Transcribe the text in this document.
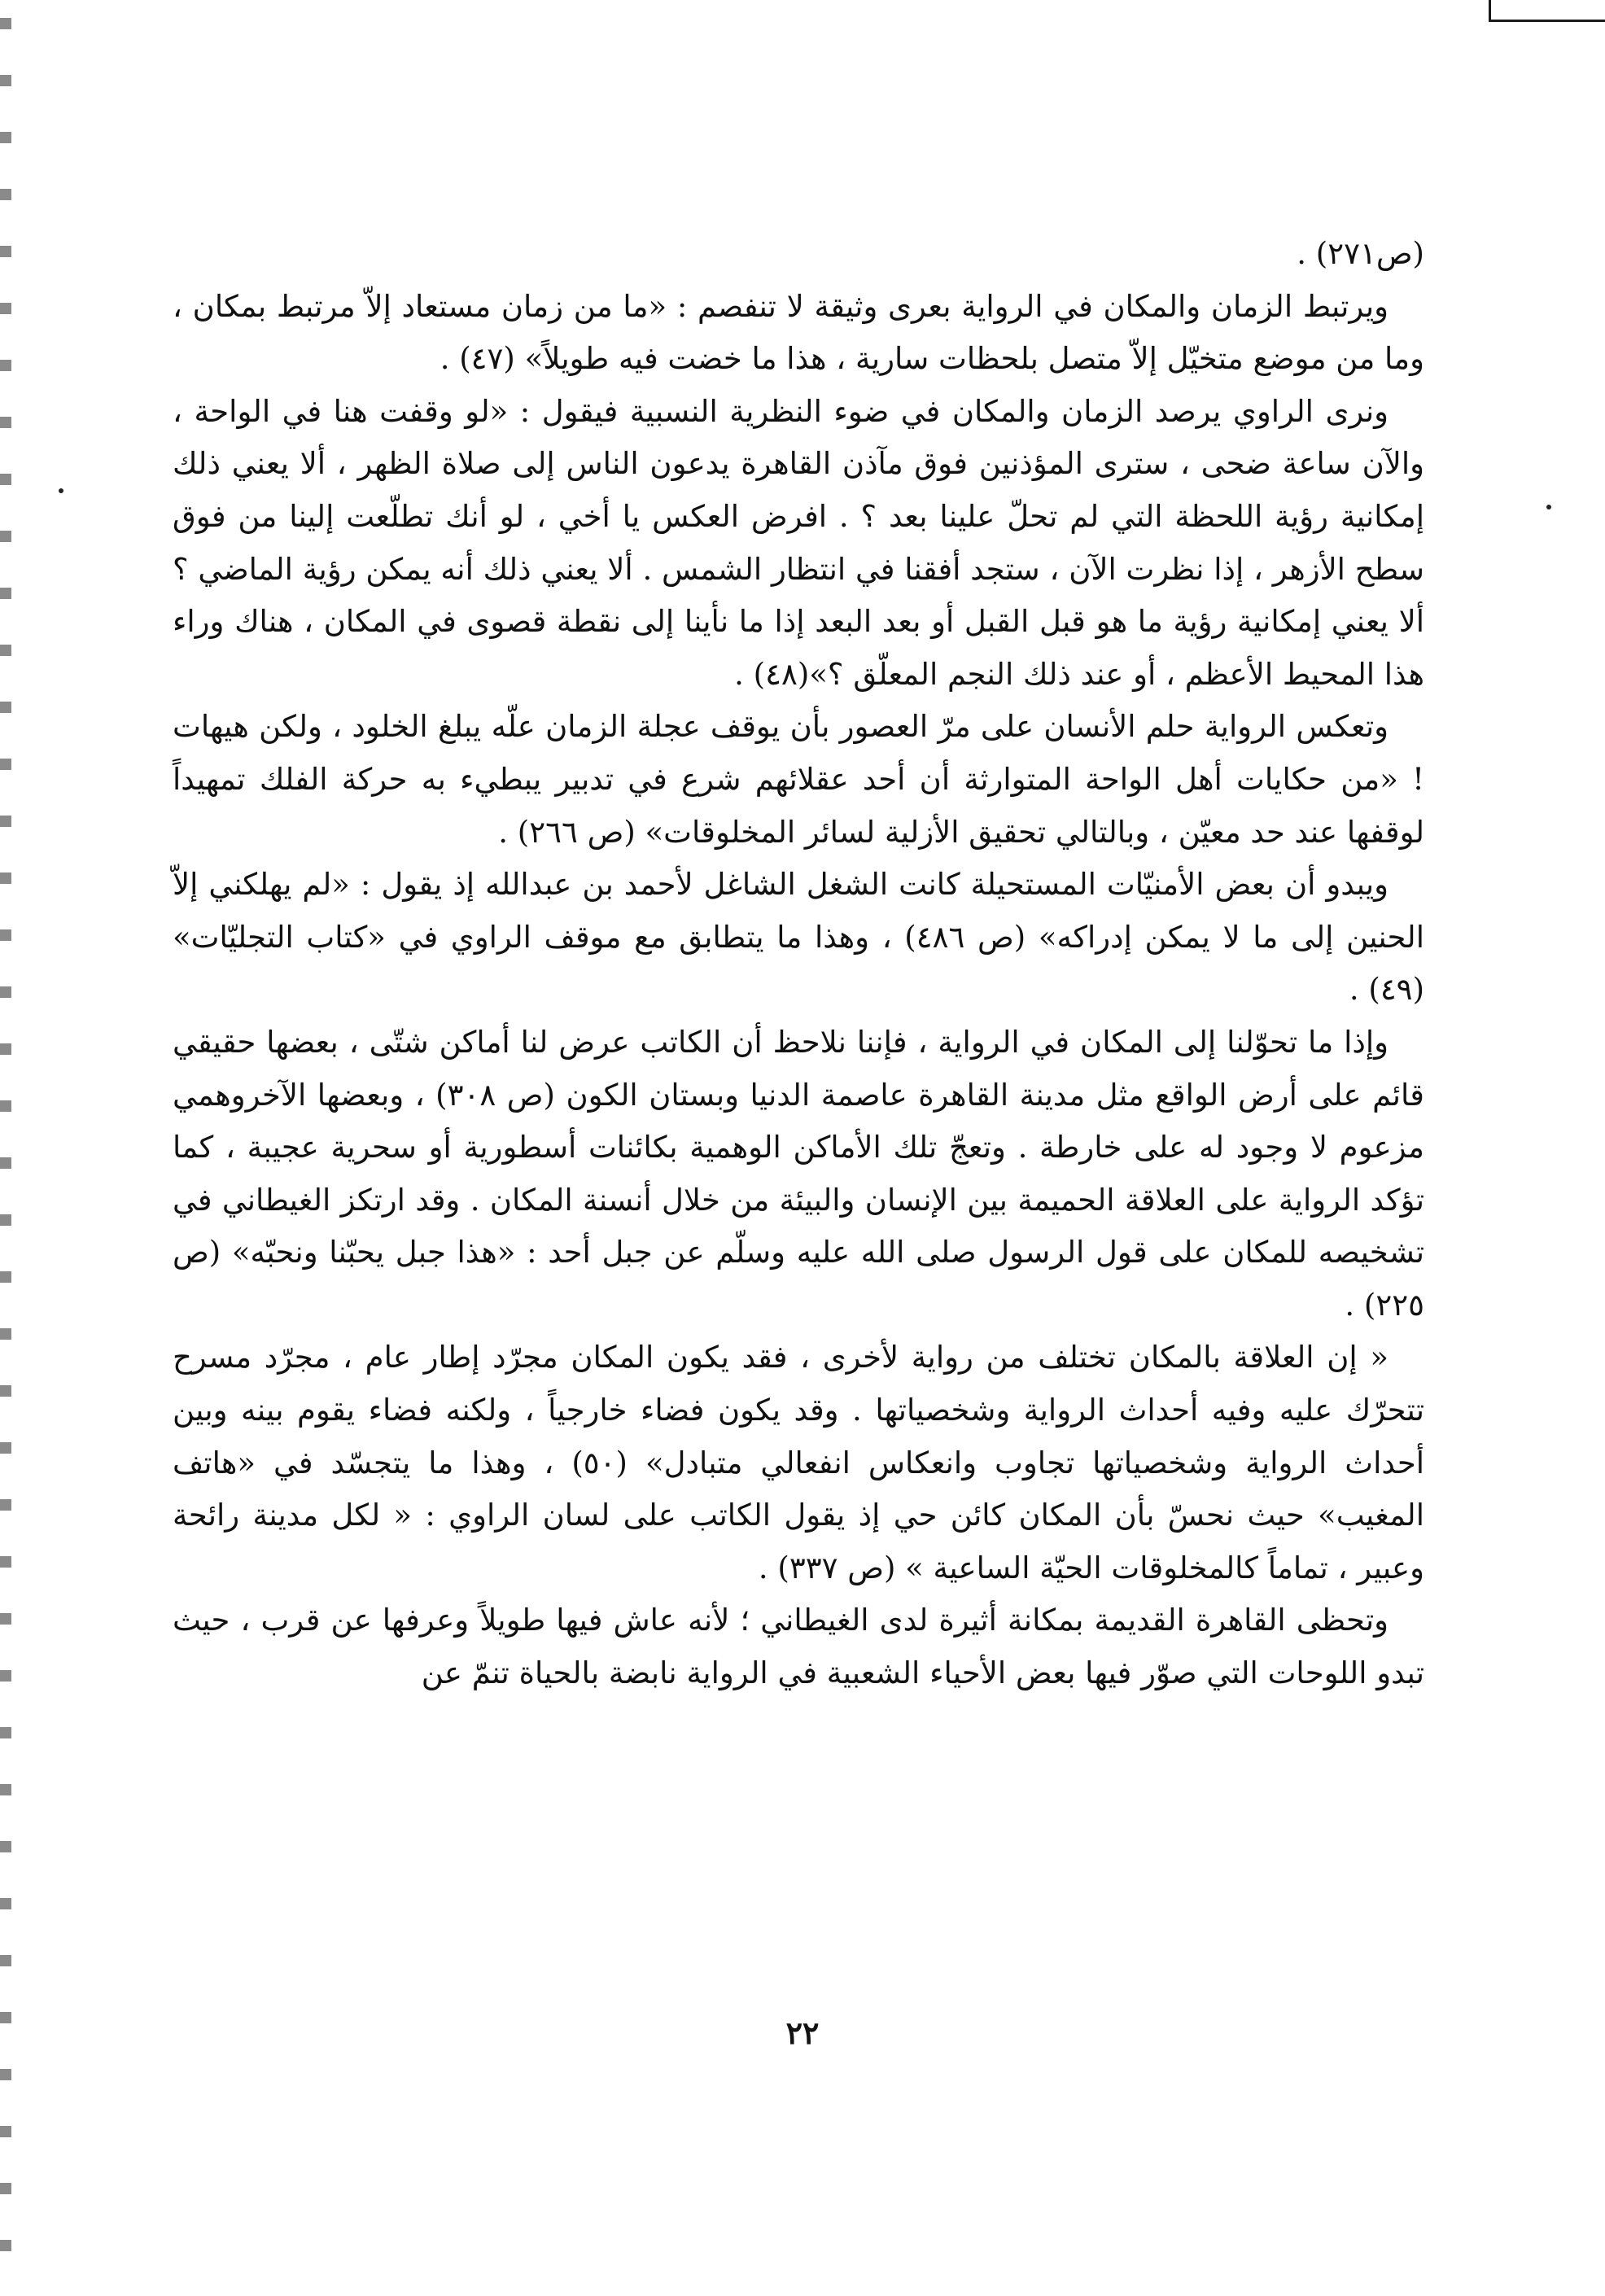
(ص٢٧١) .

ويرتبط الزمان والمكان في الرواية بعرى وثيقة لا تنفصم : «ما من زمان مستعاد إلاّ مرتبط بمكان ، وما من موضع متخيّل إلاّ متصل بلحظات سارية ، هذا ما خضت فيه طويلاً» (٤٧) .

ونرى الراوي يرصد الزمان والمكان في ضوء النظرية النسبية فيقول : «لو وقفت هنا في الواحة ، والآن ساعة ضحى ، سترى المؤذنين فوق مآذن القاهرة يدعون الناس إلى صلاة الظهر ، ألا يعني ذلك إمكانية رؤية اللحظة التي لم تحلّ علينا بعد ؟ . افرض العكس يا أخي ، لو أنك تطلّعت إلينا من فوق سطح الأزهر ، إذا نظرت الآن ، ستجد أفقنا في انتظار الشمس . ألا يعني ذلك أنه يمكن رؤية الماضي ؟ ألا يعني إمكانية رؤية ما هو قبل القبل أو بعد البعد إذا ما نأينا إلى نقطة قصوى في المكان ، هناك وراء هذا المحيط الأعظم ، أو عند ذلك النجم المعلّق ؟»(٤٨) .

وتعكس الرواية حلم الأنسان على مرّ العصور بأن يوقف عجلة الزمان علّه يبلغ الخلود ، ولكن هيهات ! «من حكايات أهل الواحة المتوارثة أن أحد عقلائهم شرع في تدبير يبطيء به حركة الفلك تمهيداً لوقفها عند حد معيّن ، وبالتالي تحقيق الأزلية لسائر المخلوقات» (ص ٢٦٦) .

ويبدو أن بعض الأمنيّات المستحيلة كانت الشغل الشاغل لأحمد بن عبدالله إذ يقول : «لم يهلكني إلاّ الحنين إلى ما لا يمكن إدراكه» (ص ٤٨٦) ، وهذا ما يتطابق مع موقف الراوي في «كتاب التجليّات» (٤٩) .

وإذا ما تحوّلنا إلى المكان في الرواية ، فإننا نلاحظ أن الكاتب عرض لنا أماكن شتّى ، بعضها حقيقي قائم على أرض الواقع مثل مدينة القاهرة عاصمة الدنيا وبستان الكون (ص ٣٠٨) ، وبعضها الآخروهمي مزعوم لا وجود له على خارطة . وتعجّ تلك الأماكن الوهمية بكائنات أسطورية أو سحرية عجيبة ، كما تؤكد الرواية على العلاقة الحميمة بين الإنسان والبيئة من خلال أنسنة المكان . وقد ارتكز الغيطاني في تشخيصه للمكان على قول الرسول صلى الله عليه وسلّم عن جبل أحد : «هذا جبل يحبّنا ونحبّه» (ص ٢٢٥) .

« إن العلاقة بالمكان تختلف من رواية لأخرى ، فقد يكون المكان مجرّد إطار عام ، مجرّد مسرح تتحرّك عليه وفيه أحداث الرواية وشخصياتها . وقد يكون فضاء خارجياً ، ولكنه فضاء يقوم بينه وبين أحداث الرواية وشخصياتها تجاوب وانعكاس انفعالي متبادل» (٥٠) ، وهذا ما يتجسّد في «هاتف المغيب» حيث نحسّ بأن المكان كائن حي إذ يقول الكاتب على لسان الراوي : « لكل مدينة رائحة وعبير ، تماماً كالمخلوقات الحيّة الساعية » (ص ٣٣٧) .

وتحظى القاهرة القديمة بمكانة أثيرة لدى الغيطاني ؛ لأنه عاش فيها طويلاً وعرفها عن قرب ، حيث تبدو اللوحات التي صوّر فيها بعض الأحياء الشعبية في الرواية نابضة بالحياة تنمّ عن

٢٢
